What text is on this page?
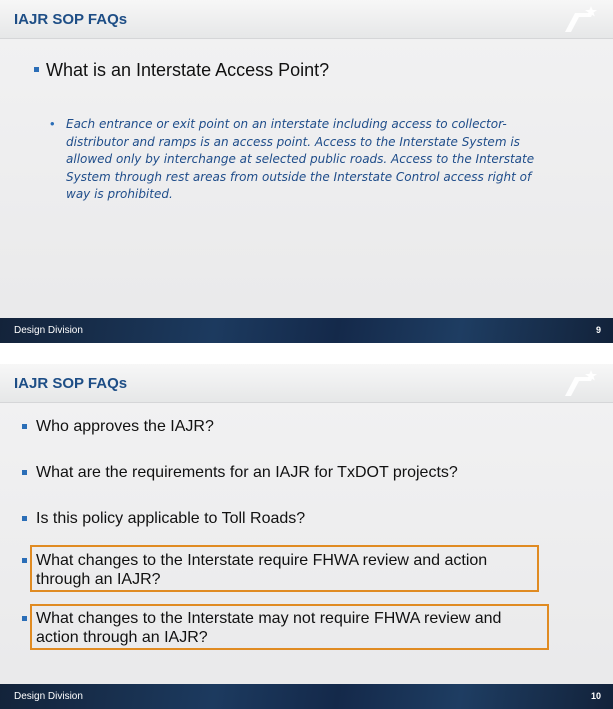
IAJR SOP FAQs
What is an Interstate Access Point?
• Each entrance or exit point on an interstate including access to collector-distributor and ramps is an access point. Access to the Interstate System is allowed only by interchange at selected public roads. Access to the Interstate System through rest areas from outside the Interstate Control access right of way is prohibited.
Design Division	9
IAJR SOP FAQs
Who approves the IAJR?
What are the requirements for an IAJR for TxDOT projects?
Is this policy applicable to Toll Roads?
What changes to the Interstate require FHWA review and action through an IAJR?
What changes to the Interstate may not require FHWA review and action through an IAJR?
Design Division	10
